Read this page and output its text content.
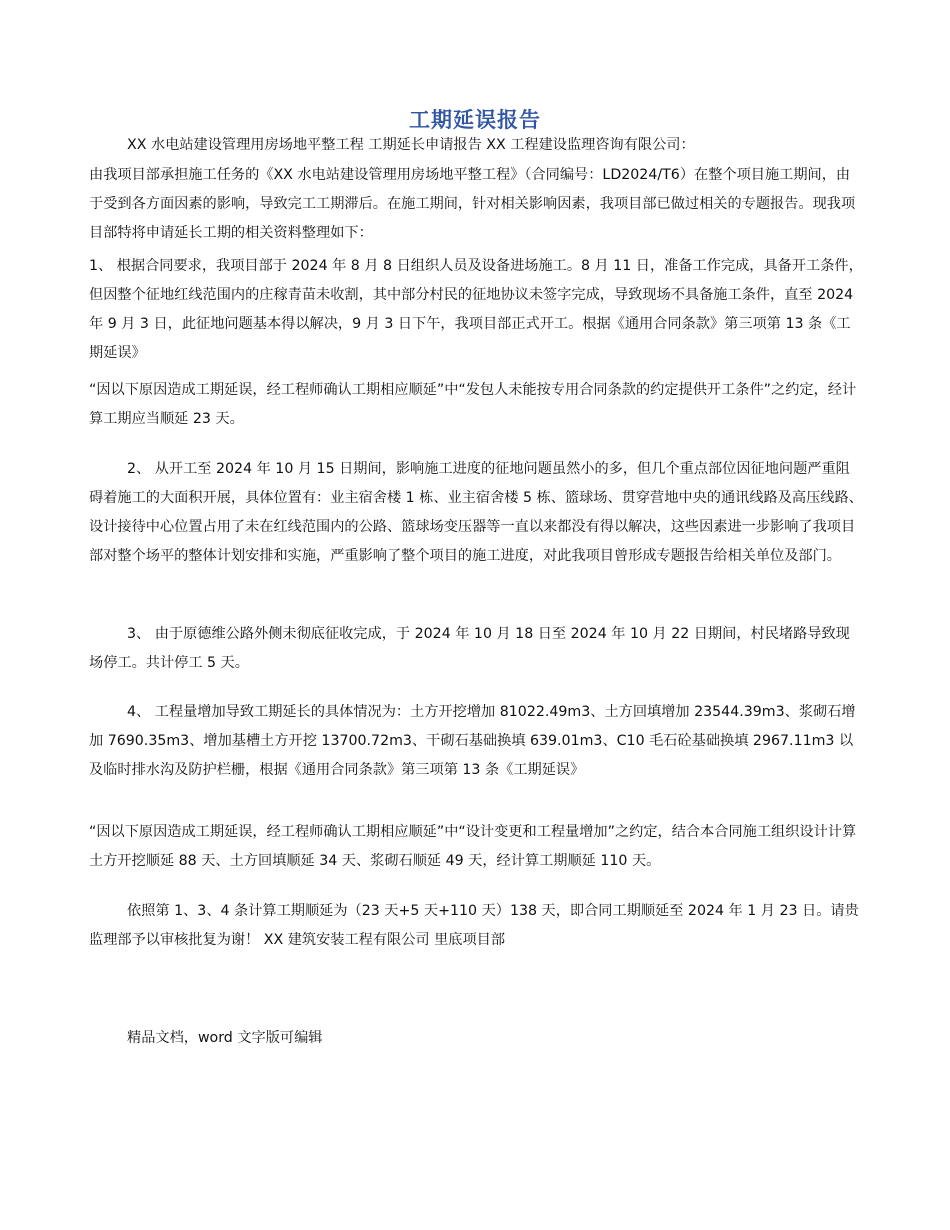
工期延误报告

XX 水电站建设管理用房场地平整工程 工期延长申请报告 XX 工程建设监理咨询有限公司：

由我项目部承担施工任务的《XX 水电站建设管理用房场地平整工程》（合同编号：LD2024/T6）在整个项目施工期间，由于受到各方面因素的影响，导致完工工期滞后。在施工期间，针对相关影响因素，我项目部已做过相关的专题报告。现我项目部特将申请延长工期的相关资料整理如下：

1、 根据合同要求，我项目部于 2024 年 8 月 8 日组织人员及设备进场施工。8 月 11 日，准备工作完成，具备开工条件，但因整个征地红线范围内的庄稼青苗未收割，其中部分村民的征地协议未签字完成，导致现场不具备施工条件，直至 2024 年 9 月 3 日，此征地问题基本得以解决，9 月 3 日下午，我项目部正式开工。根据《通用合同条款》第三项第 13 条《工期延误》

“因以下原因造成工期延误，经工程师确认工期相应顺延”中“发包人未能按专用合同条款的约定提供开工条件”之约定，经计算工期应当顺延 23 天。

2、 从开工至 2024 年 10 月 15 日期间，影响施工进度的征地问题虽然小的多，但几个重点部位因征地问题严重阻碍着施工的大面积开展，具体位置有：业主宿舍楼 1 栋、业主宿舍楼 5 栋、篮球场、贯穿营地中央的通讯线路及高压线路、设计接待中心位置占用了未在红线范围内的公路、篮球场变压器等一直以来都没有得以解决，这些因素进一步影响了我项目部对整个场平的整体计划安排和实施，严重影响了整个项目的施工进度，对此我项目曾形成专题报告给相关单位及部门。

3、 由于原德维公路外侧未彻底征收完成，于 2024 年 10 月 18 日至 2024 年 10 月 22 日期间，村民堵路导致现场停工。共计停工 5 天。

4、 工程量增加导致工期延长的具体情况为：土方开挖增加 81022.49m3、土方回填增加 23544.39m3、浆砌石增加 7690.35m3、增加基槽土方开挖 13700.72m3、干砌石基础换填 639.01m3、C10 毛石砼基础换填 2967.11m3 以及临时排水沟及防护栏栅，根据《通用合同条款》第三项第 13 条《工期延误》

“因以下原因造成工期延误，经工程师确认工期相应顺延”中“设计变更和工程量增加”之约定，结合本合同施工组织设计计算土方开挖顺延 88 天、土方回填顺延 34 天、浆砌石顺延 49 天，经计算工期顺延 110 天。

依照第 1、3、4 条计算工期顺延为（23 天+5 天+110 天）138 天，即合同工期顺延至 2024 年 1 月 23 日。请贵监理部予以审核批复为谢！ XX 建筑安装工程有限公司 里底项目部

精品文档，word 文字版可编辑
